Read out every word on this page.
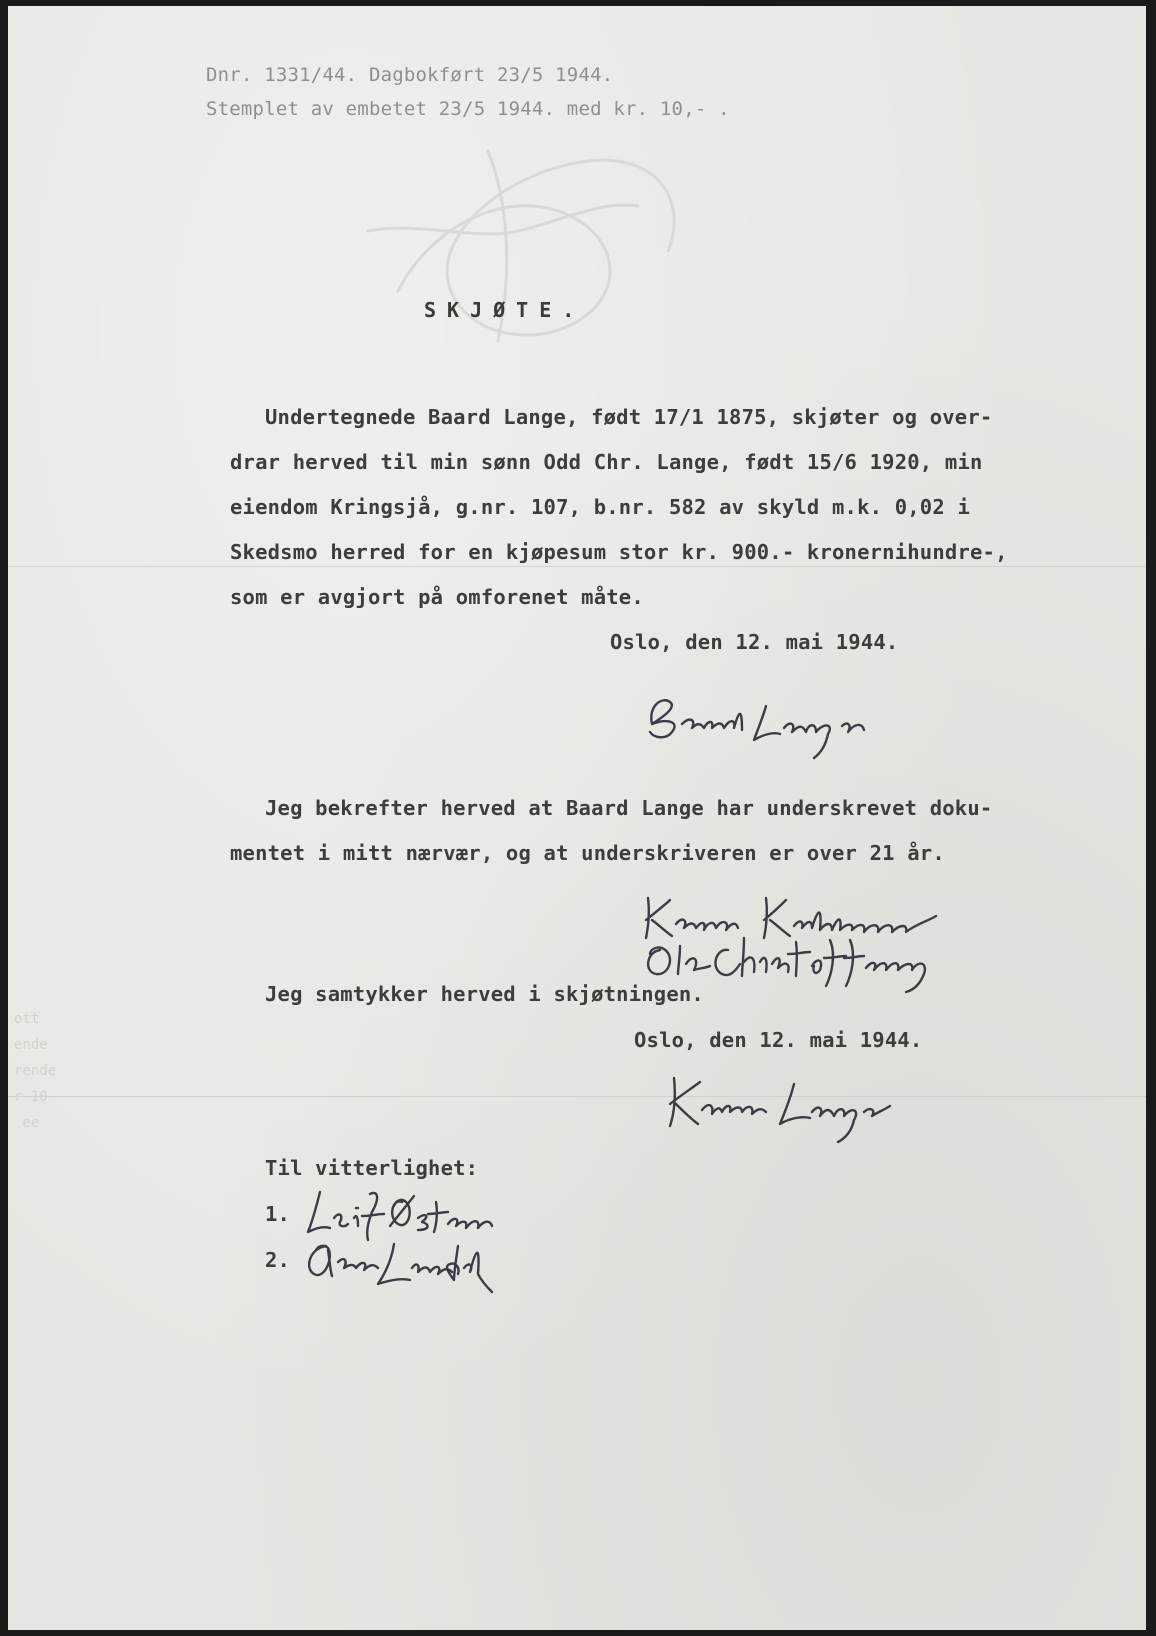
ott
ende
rende
r 10
ee
Dnr. 1331/44. Dagbokført 23/5 1944.
Stemplet av embetet 23/5 1944. med kr. 10,- .
SKJØTE.
Undertegnede Baard Lange, født 17/1 1875, skjøter og over-
drar herved til min sønn Odd Chr. Lange, født 15/6 1920, min
eiendom Kringsjå, g.nr. 107, b.nr. 582 av skyld m.k. 0,02 i
Skedsmo herred for en kjøpesum stor kr. 900.- kronernihundre-,
som er avgjort på omforenet måte.
Oslo, den 12. mai 1944.
Jeg bekrefter herved at Baard Lange har underskrevet doku-
mentet i mitt nærvær, og at underskriveren er over 21 år.
Jeg samtykker herved i skjøtningen.
Oslo, den 12. mai 1944.
Til vitterlighet:
1.
2.
